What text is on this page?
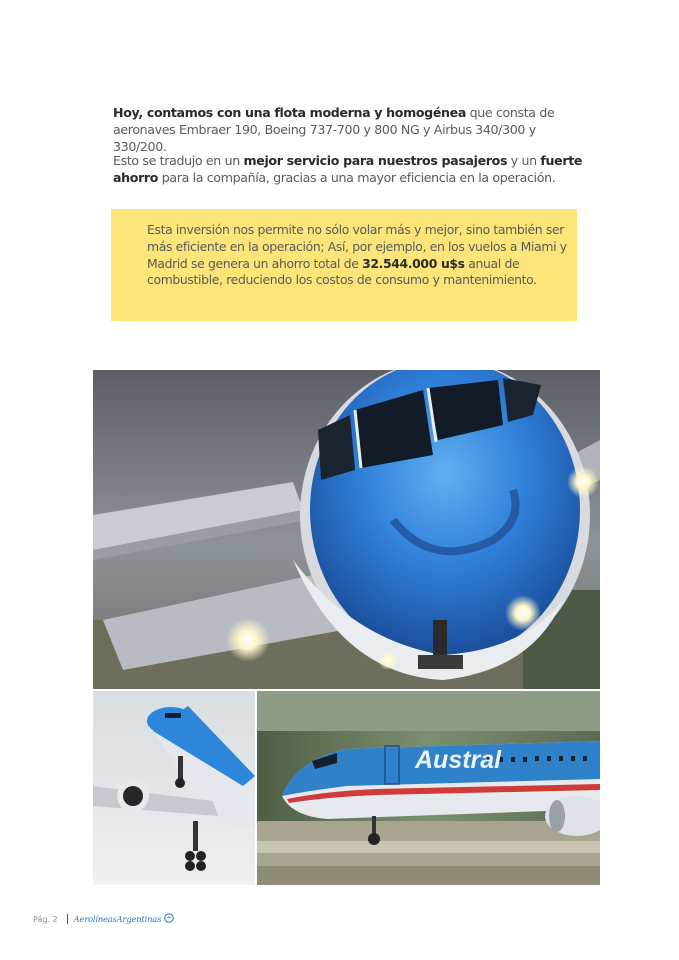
Hoy, contamos con una flota moderna y homogénea que consta de aeronaves Embraer 190, Boeing 737-700 y 800 NG y Airbus 340/300 y 330/200.

Esto se tradujo en un mejor servicio para nuestros pasajeros y un fuerte ahorro para la compañía, gracias a una mayor eficiencia en la operación.

Esta inversión nos permite no sólo volar más y mejor, sino también ser más eficiente en la operación; Así, por ejemplo, en los vuelos a Miami y Madrid se genera un ahorro total de 32.544.000 u$s anual de combustible, reduciendo los costos de consumo y mantenimiento.

Austral
Pág. 2 AerolíneasArgentinas
